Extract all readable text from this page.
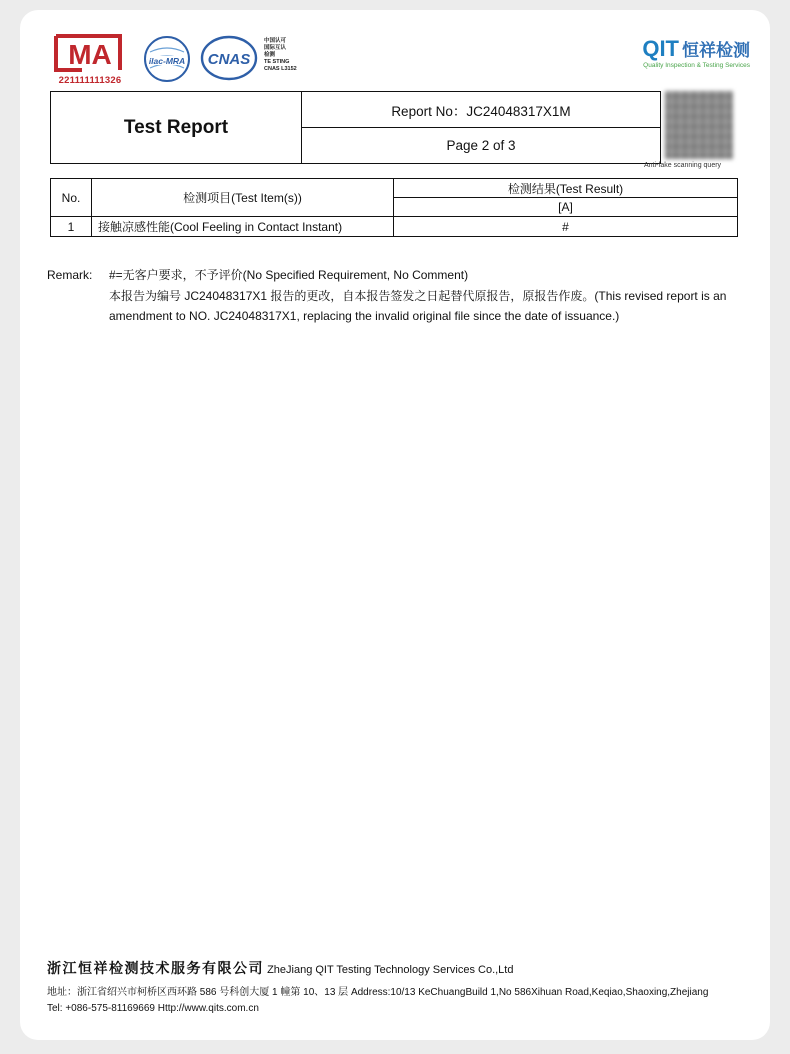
MA
221111111326
ilac-MRA CNAS
中国认可
国际互认
检测
TE STING
CNAS L3152
QIT 恒祥检测
Quality Inspection & Testing Services
Test Report	Report No：JC24048317X1M
Page 2 of 3
Anti-fake scanning query
No.	检测项目(Test Item(s))	检测结果(Test Result)
		[A]
1	接触凉感性能(Cool Feeling in Contact Instant)	#
Remark: #=无客户要求，不予评价(No Specified Requirement, No Comment)
本报告为编号 JC24048317X1 报告的更改，自本报告签发之日起替代原报告，原报告作废。(This revised report is an amendment to NO. JC24048317X1, replacing the invalid original file since the date of issuance.)
浙江恒祥检测技术服务有限公司 ZheJiang QIT Testing Technology Services Co.,Ltd
地址：浙江省绍兴市柯桥区西环路 586 号科创大厦 1 幢第 10、13 层 Address:10/13 KeChuangBuild 1,No 586Xihuan Road,Keqiao,Shaoxing,Zhejiang
Tel: +086-575-81169669 Http://www.qits.com.cn
